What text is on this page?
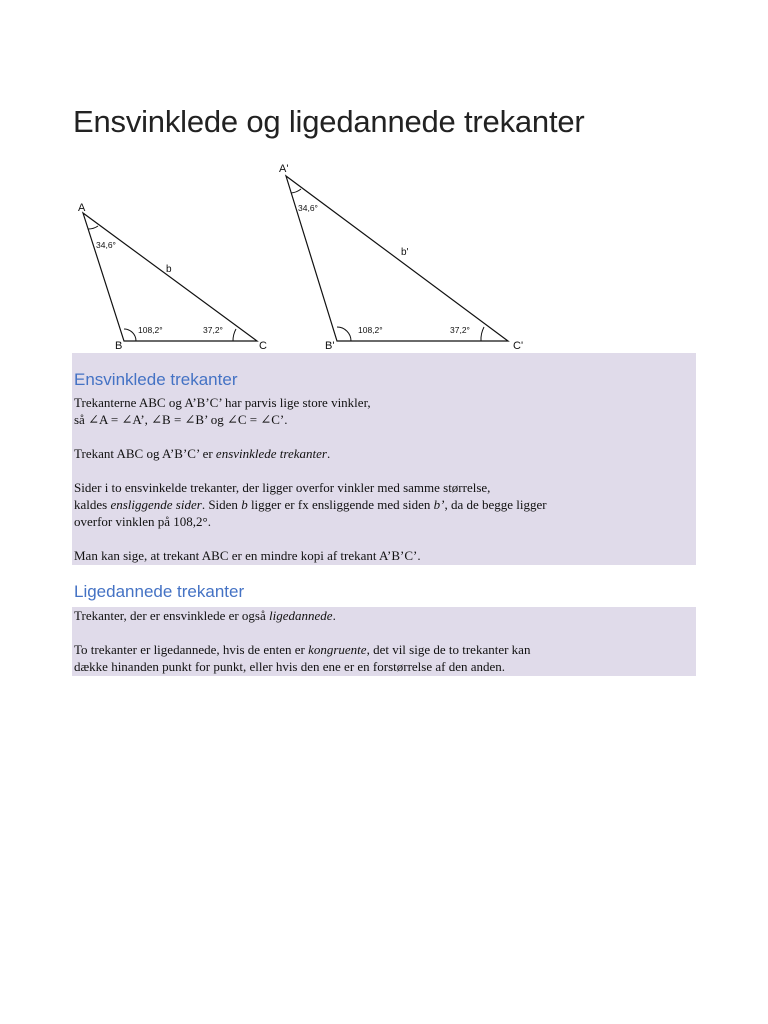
Ensvinklede og ligedannede trekanter
A
B	C
34,6°
108,2°	37,2°
b
A'
B'	C'
34,6°
108,2°	37,2°
b'

Trekanterne ABC og A’B’C’ har parvis lige store vinkler,
så ∠A = ∠A’, ∠B = ∠B’ og ∠C = ∠C’.

Trekant ABC og A’B’C’ er ensvinklede trekanter.

Sider i to ensvinkelde trekanter, der ligger overfor vinkler med samme størrelse,
kaldes ensliggende sider. Siden b ligger er fx ensliggende med siden b’, da de begge ligger
overfor vinklen på 108,2°.

Man kan sige, at trekant ABC er en mindre kopi af trekant A’B’C’.

Ensvinklede trekanter
Ligedannede trekanter

Trekanter, der er ensvinklede er også ligedannede.

To trekanter er ligedannede, hvis de enten er kongruente, det vil sige de to trekanter kan
dække hinanden punkt for punkt, eller hvis den ene er en forstørrelse af den anden.
